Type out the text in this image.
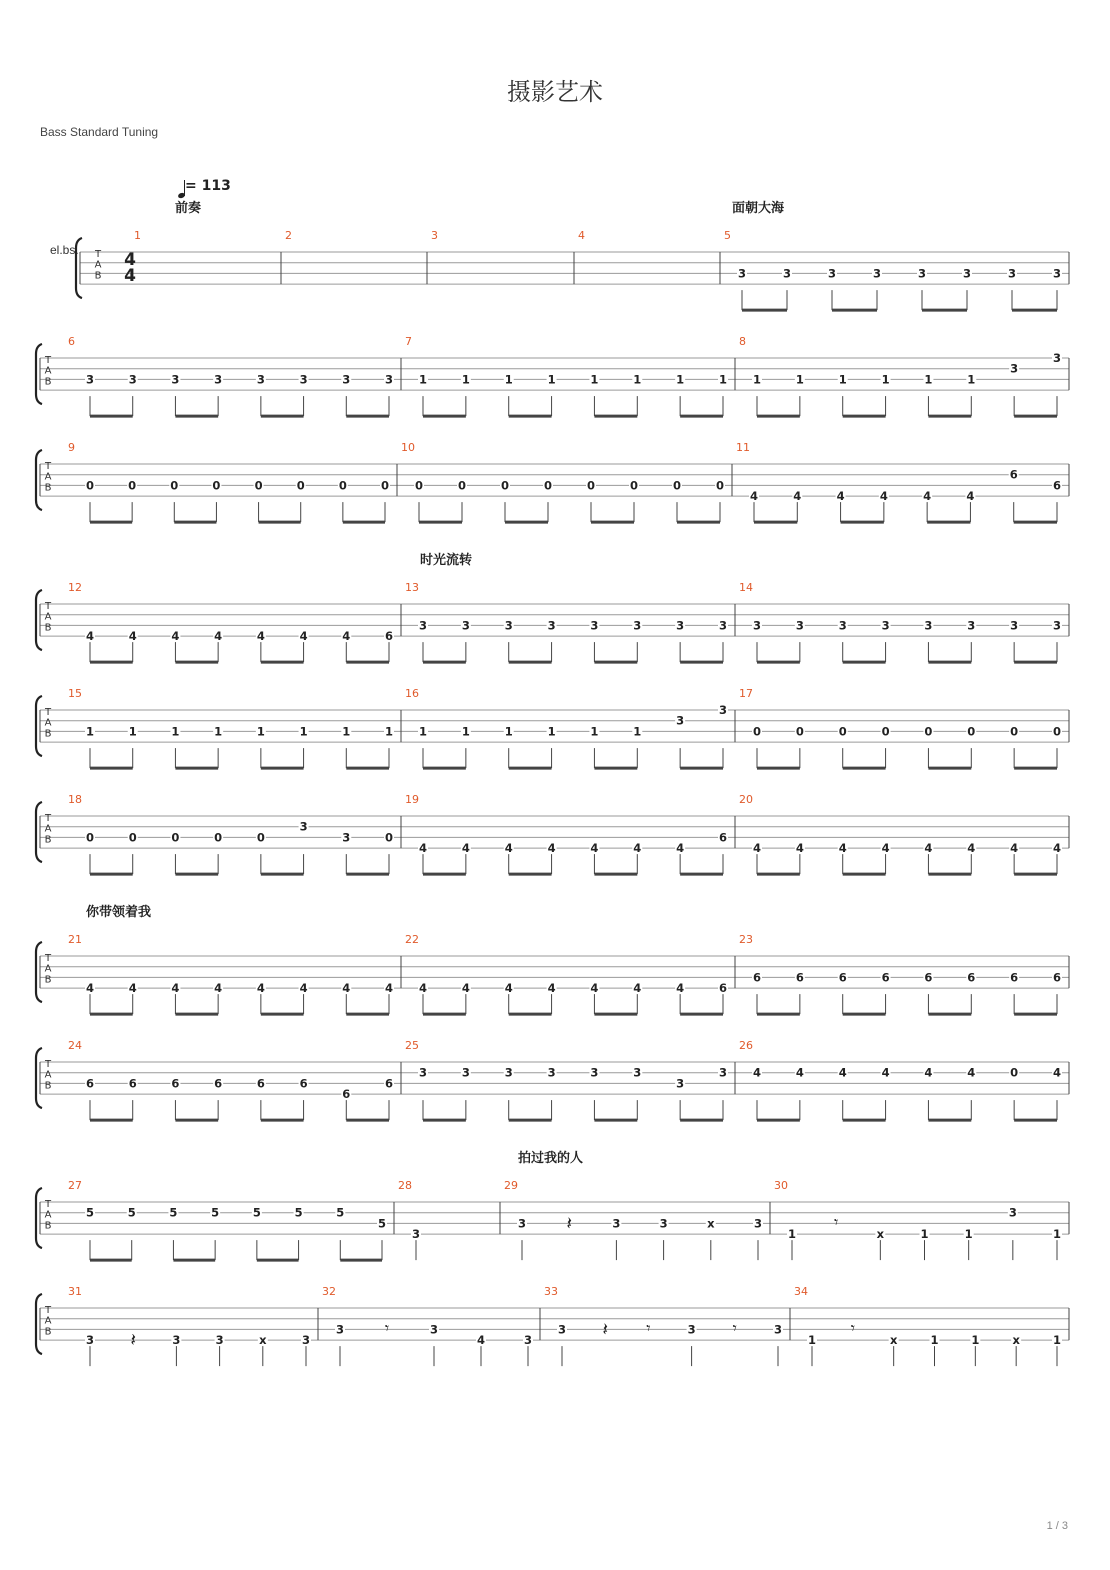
摄影艺术
Bass Standard Tuning
= 113
el.bs. T
A
B
4
4
1
前奏
2	3	4	5
面朝大海
3	3	3	3	3	3	3	3
T
A
B
6
3	3	3	3	3	3	3	3
7
1	1	1	1	1	1	1	1
8
1	1	1	1	1	1
3
3
T
A
B
9
0	0	0	0	0	0	0	0
10
0	0	0	0	0	0	0	0
11
4	4	4	4	4	4
6
6
T
A
B
12
4	4	4	4	4	4	4	6
13
时光流转
3	3	3	3	3	3	3	3
14
3	3	3	3	3	3	3	3
T
A
B
15
1	1	1	1	1	1	1	1
16
1	1	1	1	1	1
3
3
17
0	0	0	0	0	0	0	0
T
A
B
18
0	0	0	0	0
3
3	0
19
4	4	4	4	4	4	4
6
20
4	4	4	4	4	4	4	4
T
A
B
21
你带领着我
4	4	4	4	4	4	4	4
22
4	4	4	4	4	4	4	6
23
6	6	6	6	6	6	6	6
T
A
B
24
6	6	6	6	6	6
6
6
25
3	3	3	3	3	3
3
3
26
4	4	4	4	4	4	0	4
T
A
B
27
5	5	5	5	5	5	5
5
28
3
29
拍过我的人
3 𝄽	3	3	x	3
30
1
𝄾
x	1	1
3
1
T
A
B
31
3 𝄽	3	3	x	3
32
3	𝄾	3
4	3
33
3 𝄽 𝄾	3 𝄾	3
34
1
𝄾
x	1	1	x	1
1 / 3
